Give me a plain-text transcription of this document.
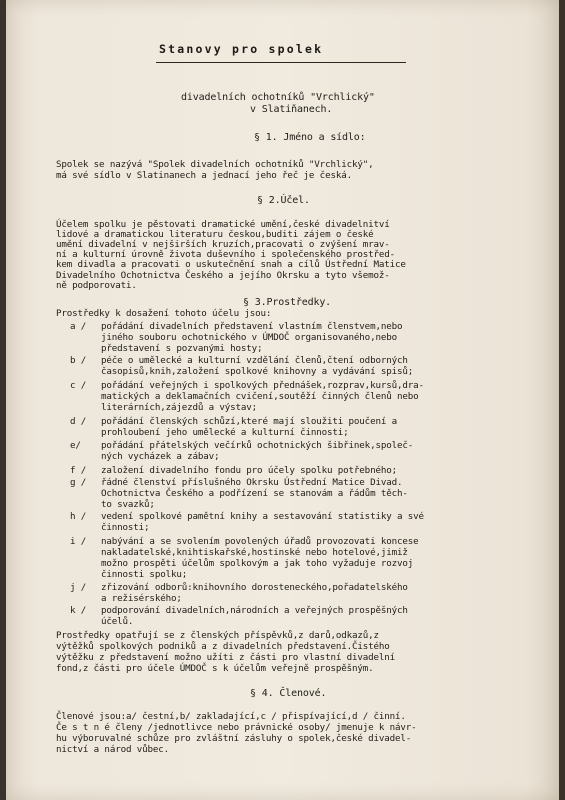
Stanovy pro spolek
divadelních ochotníků "Vrchlický"
v Slatiňanech.
§ 1. Jméno a sídlo:
Spolek se nazývá "Spolek divadelních ochotníků "Vrchlický",
má své sídlo v Slatinanech a jednací jeho řeč je česká.
§ 2.Účel.
Účelem spolku je pěstovati dramatické umění,české divadelnitví
lidové a dramatickou literaturu českou,buditi zájem o české
umění divadelní v nejširších kruzích,pracovati o zvýšení mrav-
ní a kulturní úrovně života duševního i společenského prostřed-
kem divadla a pracovati o uskutečnění snah a cílů Ústřední Matice
Divadelního Ochotnictva Českého a jejího Okrsku a tyto všemož-
ně podporovati.
§ 3.Prostředky.
Prostředky k dosažení tohoto účelu jsou:
a / pořádání divadelních představení vlastním členstvem,nebo
jiného souboru ochotnického v ÚMDOČ organisovaného,nebo
představení s pozvanými hosty;
b / péče o umělecké a kulturní vzdělání členů,čtení odborných
časopisů,knih,založení spolkové knihovny a vydávání spisů;
c / pořádání veřejných i spolkových přednášek,rozprav,kursů,dra-
matických a deklamačních cvičení,soutěží činných členů nebo
literárních,zájezdů a výstav;
d / pořádání členských schůzí,které mají sloužiti poučení a
prohloubení jeho umělecké a kulturní činnosti;
e/ pořádání přátelských večírků ochotnických šibřinek,společ-
ných vycházek a zábav;
f / založení divadelního fondu pro účely spolku potřebného;
g / řádné členství příslušného Okrsku Ústřední Matice Divad.
Ochotnictva Českého a podřízení se stanovám a řádům těch-
to svazků;
h / vedení spolkové pamětní knihy a sestavování statistiky a své
činnosti;
i / nabývání a se svolením povolených úřadů provozovati koncese
nakladatelské,knihtiskařské,hostinské nebo hotelové,jimiž
možno prospěti účelům spolkovým a jak toho vyžaduje rozvoj
činnosti spolku;
j / zřizování odborů:knihovního dorosteneckého,pořadatelského
a režisérského;
k / podporování divadelních,národních a veřejných prospěšných
účelů.
Prostředky opatřují se z členských příspěvků,z darů,odkazů,z
výtěžků spolkových podniků a z divadelních představení.Čistého
výtěžku z představení možno užíti z části pro vlastní divadelní
fond,z části pro účele ÚMDOČ s k účelům veřejně prospěšným.
§ 4. Členové.
Členové jsou:a/ čestní,b/ zakladající,c / přispívající,d / činní.
Če s t n é členy /jednotlivce nebo právnické osoby/ jmenuje k návr-
hu výboruvalné schůze pro zvláštní zásluhy o spolek,české divadel-
nictví a národ vůbec.
